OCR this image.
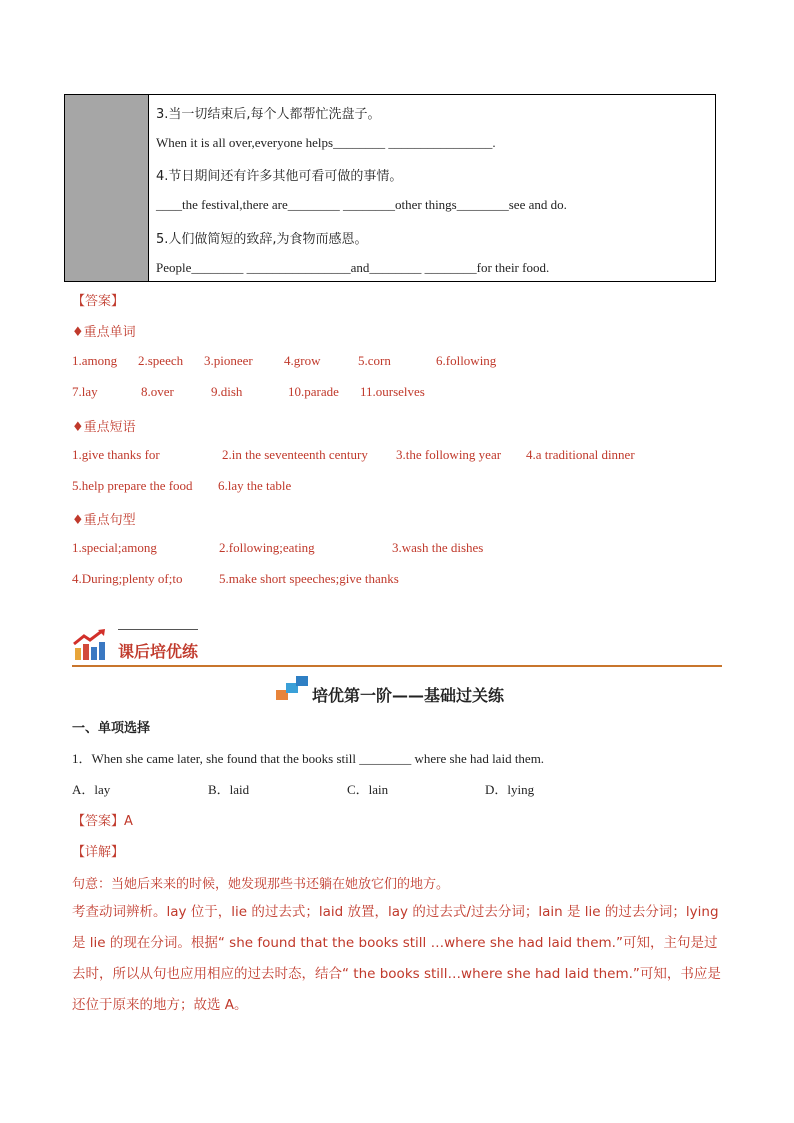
3.当一切结束后,每个人都帮忙洗盘子。
When it is all over,everyone helps________ ________________.
4.节日期间还有许多其他可看可做的事情。
____the festival,there are________ ________other things________see and do.
5.人们做简短的致辞,为食物而感恩。
People________ ________________and________ ________for their food.
【答案】
♦重点单词
1.among 2.speech 3.pioneer 4.grow	5.corn	6.following
7.lay	8.over	9.dish	10.parade 11.ourselves
♦重点短语
1.give thanks for	2.in the seventeenth century 3.the following year 4.a traditional dinner
5.help prepare the food 6.lay the table
♦重点句型
1.special;among	2.following;eating	3.wash the dishes
4.During;plenty of;to	5.make short speeches;give thanks
课后培优练
培优第一阶——基础过关练
一、单项选择
1．When she came later, she found that the books still ________ where she had laid them.
A．lay	B．laid	C．lain	D．lying
【答案】A
【详解】
句意：当她后来来的时候，她发现那些书还躺在她放它们的地方。
考查动词辨析。lay 位于，lie 的过去式；laid 放置，lay 的过去式/过去分词；lain 是 lie 的过去分词；lying 是 lie 的现在分词。根据“ she found that the books still …where she had laid them.”可知，主句是过去时，所以从句也应用相应的过去时态，结合“ the books still…where she had laid them.”可知，书应是还位于原来的地方；故选 A。
